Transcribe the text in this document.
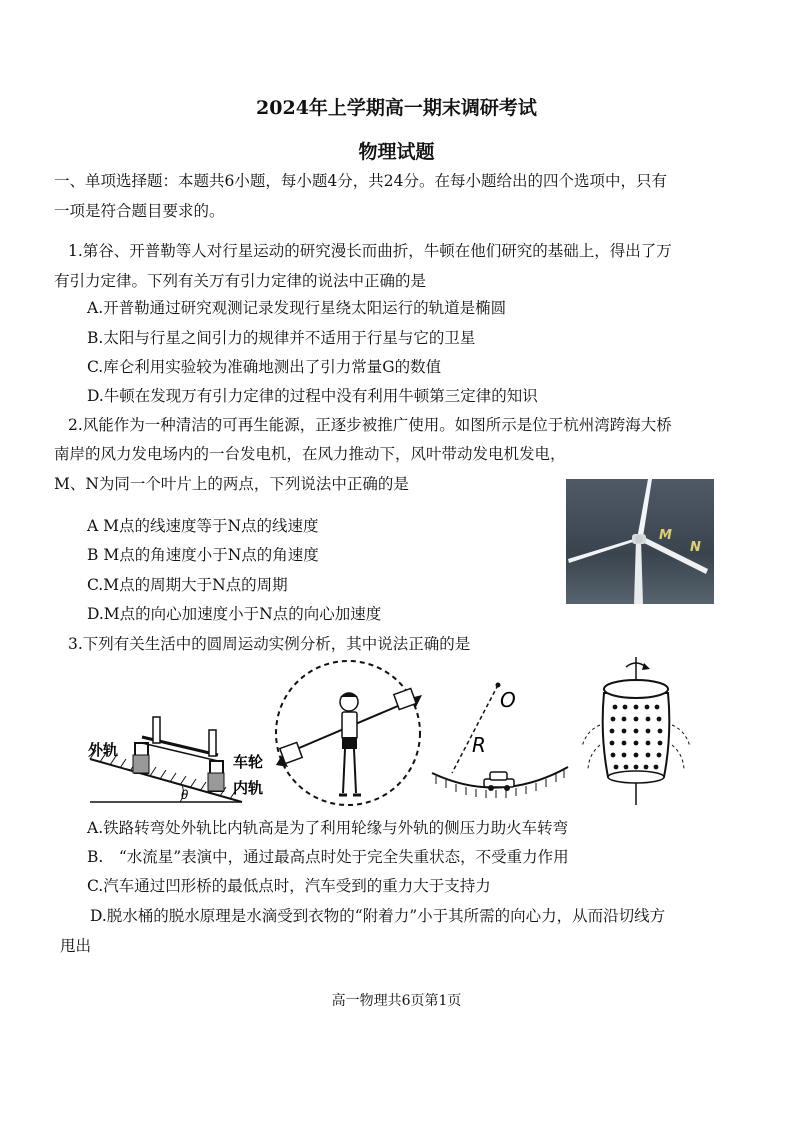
2024年上学期高一期末调研考试
物理试题
一、单项选择题：本题共6小题，每小题4分，共24分。在每小题给出的四个选项中，只有
一项是符合题目要求的。
1.第谷、开普勒等人对行星运动的研究漫长而曲折，牛顿在他们研究的基础上，得出了万
有引力定律。下列有关万有引力定律的说法中正确的是
A.开普勒通过研究观测记录发现行星绕太阳运行的轨道是椭圆
B.太阳与行星之间引力的规律并不适用于行星与它的卫星
C.库仑利用实验较为准确地测出了引力常量G的数值
D.牛顿在发现万有引力定律的过程中没有利用牛顿第三定律的知识
2.风能作为一种清洁的可再生能源，正逐步被推广使用。如图所示是位于杭州湾跨海大桥
南岸的风力发电场内的一台发电机，在风力推动下，风叶带动发电机发电，
M、N为同一个叶片上的两点，下列说法中正确的是
A M点的线速度等于N点的线速度
B M点的角速度小于N点的角速度
C.M点的周期大于N点的周期
D.M点的向心加速度小于N点的向心加速度
M
N
3.下列有关生活中的圆周运动实例分析，其中说法正确的是
θ
外轨
车轮
内轨
O
R
A.铁路转弯处外轨比内轨高是为了利用轮缘与外轨的侧压力助火车转弯
B.　“水流星”表演中，通过最高点时处于完全失重状态，不受重力作用
C.汽车通过凹形桥的最低点时，汽车受到的重力大于支持力
D.脱水桶的脱水原理是水滴受到衣物的“附着力”小于其所需的向心力，从而沿切线方
甩出
高一物理共6页第1页
